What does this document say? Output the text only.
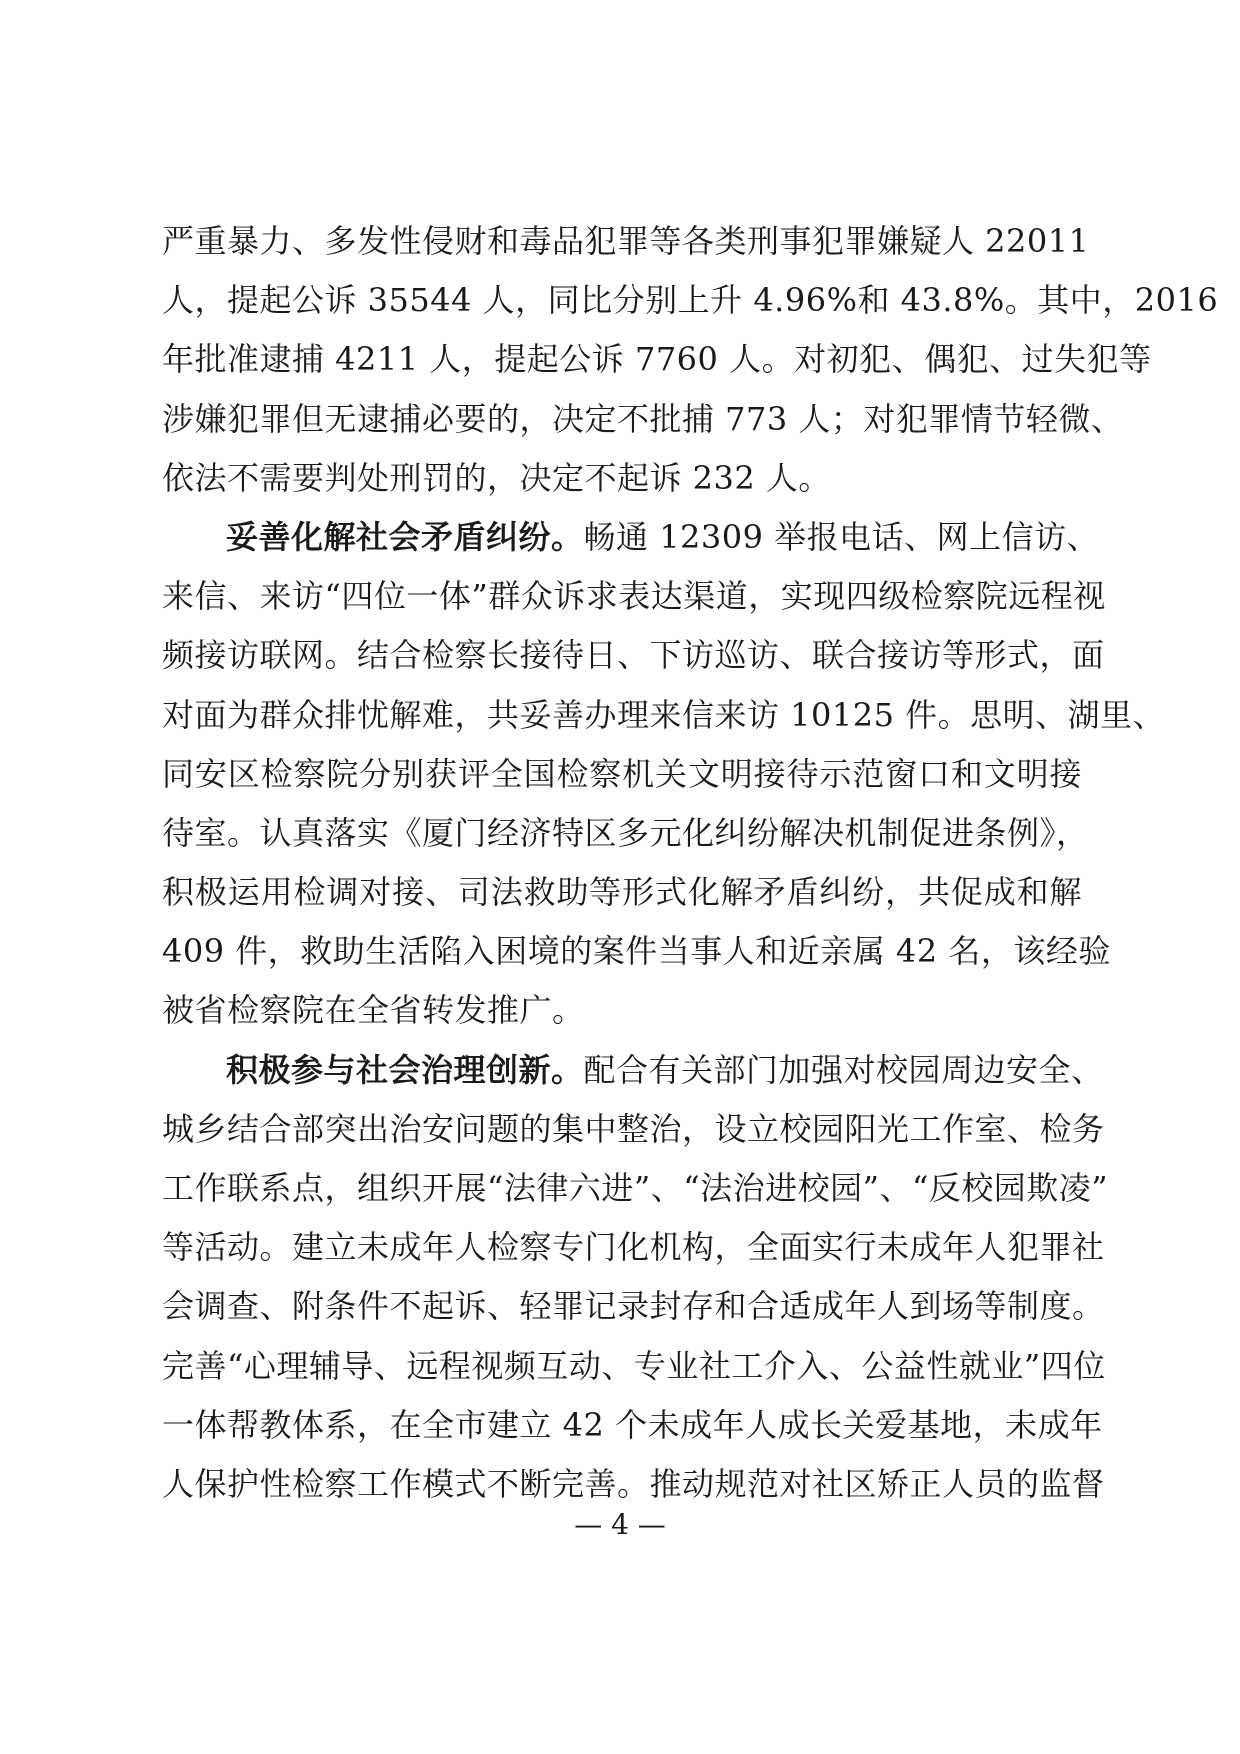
严重暴力、多发性侵财和毒品犯罪等各类刑事犯罪嫌疑人 22011
人，提起公诉 35544 人，同比分别上升 4.96%和 43.8%。其中，2016
年批准逮捕 4211 人，提起公诉 7760 人。对初犯、偶犯、过失犯等
涉嫌犯罪但无逮捕必要的，决定不批捕 773 人；对犯罪情节轻微、
依法不需要判处刑罚的，决定不起诉 232 人。
妥善化解社会矛盾纠纷。畅通 12309 举报电话、网上信访、
来信、来访“四位一体”群众诉求表达渠道，实现四级检察院远程视
频接访联网。结合检察长接待日、下访巡访、联合接访等形式，面
对面为群众排忧解难，共妥善办理来信来访 10125 件。思明、湖里、
同安区检察院分别获评全国检察机关文明接待示范窗口和文明接
待室。认真落实《厦门经济特区多元化纠纷解决机制促进条例》，
积极运用检调对接、司法救助等形式化解矛盾纠纷，共促成和解
409 件，救助生活陷入困境的案件当事人和近亲属 42 名，该经验
被省检察院在全省转发推广。
积极参与社会治理创新。配合有关部门加强对校园周边安全、
城乡结合部突出治安问题的集中整治，设立校园阳光工作室、检务
工作联系点，组织开展“法律六进”、“法治进校园”、“反校园欺凌”
等活动。建立未成年人检察专门化机构，全面实行未成年人犯罪社
会调查、附条件不起诉、轻罪记录封存和合适成年人到场等制度。
完善“心理辅导、远程视频互动、专业社工介入、公益性就业”四位
一体帮教体系，在全市建立 42 个未成年人成长关爱基地，未成年
人保护性检察工作模式不断完善。推动规范对社区矫正人员的监督
— 4 —
